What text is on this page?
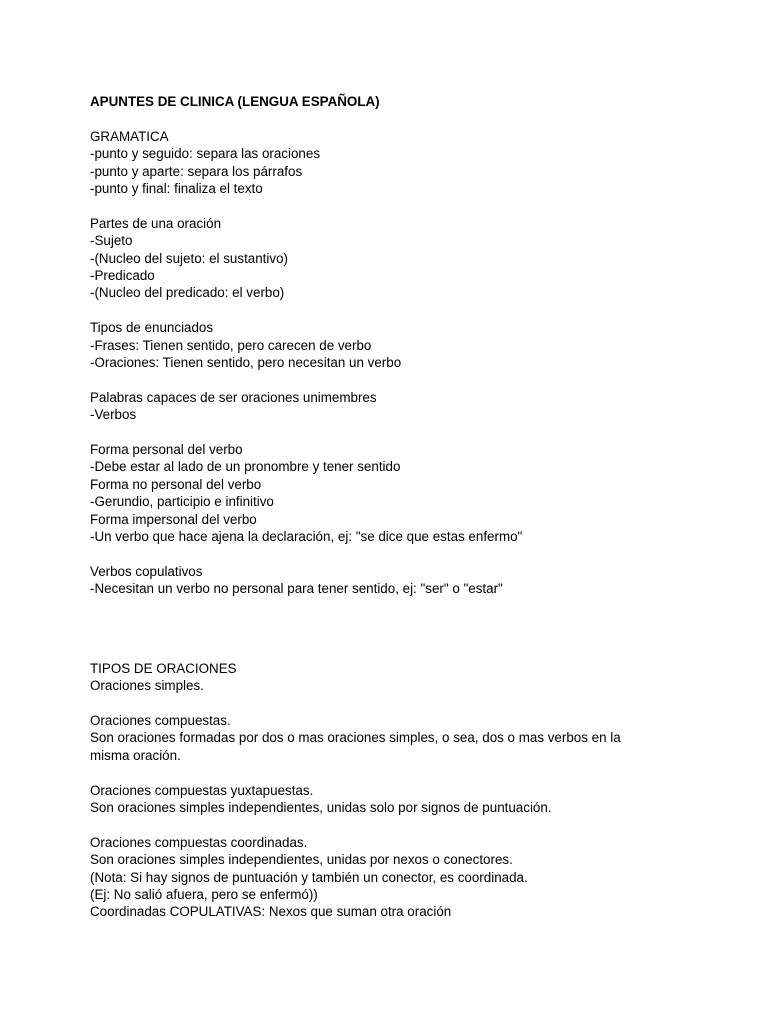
APUNTES DE CLINICA (LENGUA ESPAÑOLA)
GRAMATICA
-punto y seguido: separa las oraciones
-punto y aparte: separa los párrafos
-punto y final: finaliza el texto
Partes de una oración
-Sujeto
-(Nucleo del sujeto: el sustantivo)
-Predicado
-(Nucleo del predicado: el verbo)
Tipos de enunciados
-Frases: Tienen sentido, pero carecen de verbo
-Oraciones: Tienen sentido, pero necesitan un verbo
Palabras capaces de ser oraciones unimembres
-Verbos
Forma personal del verbo
-Debe estar al lado de un pronombre y tener sentido
Forma no personal del verbo
-Gerundio, participio e infinitivo
Forma impersonal del verbo
-Un verbo que hace ajena la declaración, ej: "se dice que estas enfermo"
Verbos copulativos
-Necesitan un verbo no personal para tener sentido, ej: "ser" o "estar"
TIPOS DE ORACIONES
Oraciones simples.
Oraciones compuestas.
Son oraciones formadas por dos o mas oraciones simples, o sea, dos o mas verbos en la misma oración.
Oraciones compuestas yuxtapuestas.
Son oraciones simples independientes, unidas solo por signos de puntuación.
Oraciones compuestas coordinadas.
Son oraciones simples independientes, unidas por nexos o conectores.
(Nota: Si hay signos de puntuación y también un conector, es coordinada.
(Ej: No salió afuera, pero se enfermó))
Coordinadas COPULATIVAS: Nexos que suman otra oración
